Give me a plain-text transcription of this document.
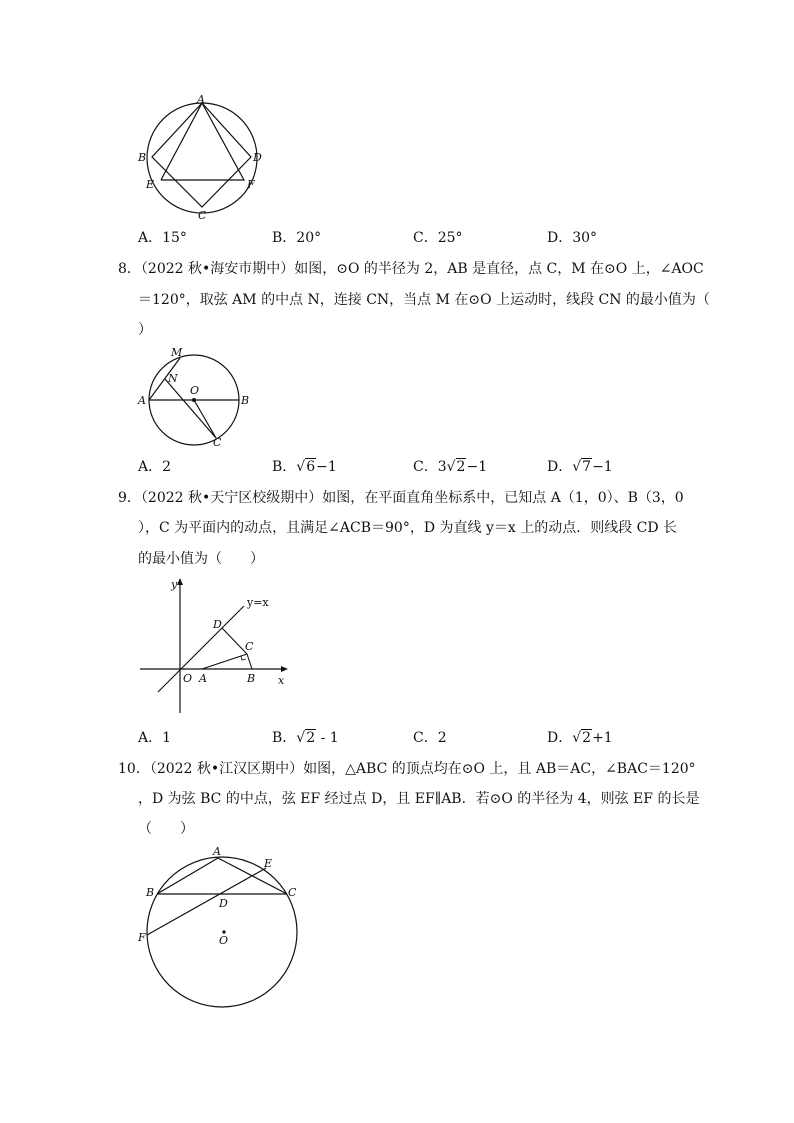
A
B	D
E	F
C
A．15°	B．20°	C．25°	D．30°
8．（2022 秋•海安市期中）如图，⊙O 的半径为 2，AB 是直径，点 C，M 在⊙O 上，∠AOC
＝120°，取弦 AM 的中点 N，连接 CN，当点 M 在⊙O 上运动时，线段 CN 的最小值为（
）
M
N
O
A	B
C
A．2	B．√6−1	C．3√2−1	D．√7−1
9．（2022 秋•天宁区校级期中）如图，在平面直角坐标系中，已知点 A（1，0）、B（3，0
），C 为平面内的动点，且满足∠ACB＝90°，D 为直线 y＝x 上的动点．则线段 CD 长
的最小值为（　　）
y
x
y=x
D
C
O A	B
A．1	B．√2 - 1	C．2	D．√2+1
10．（2022 秋•江汉区期中）如图，△ABC 的顶点均在⊙O 上，且 AB＝AC，∠BAC＝120°
，D 为弦 BC 的中点，弦 EF 经过点 D，且 EF∥AB．若⊙O 的半径为 4，则弦 EF 的长是
（　　）
A
E
B	C
D
F	O
